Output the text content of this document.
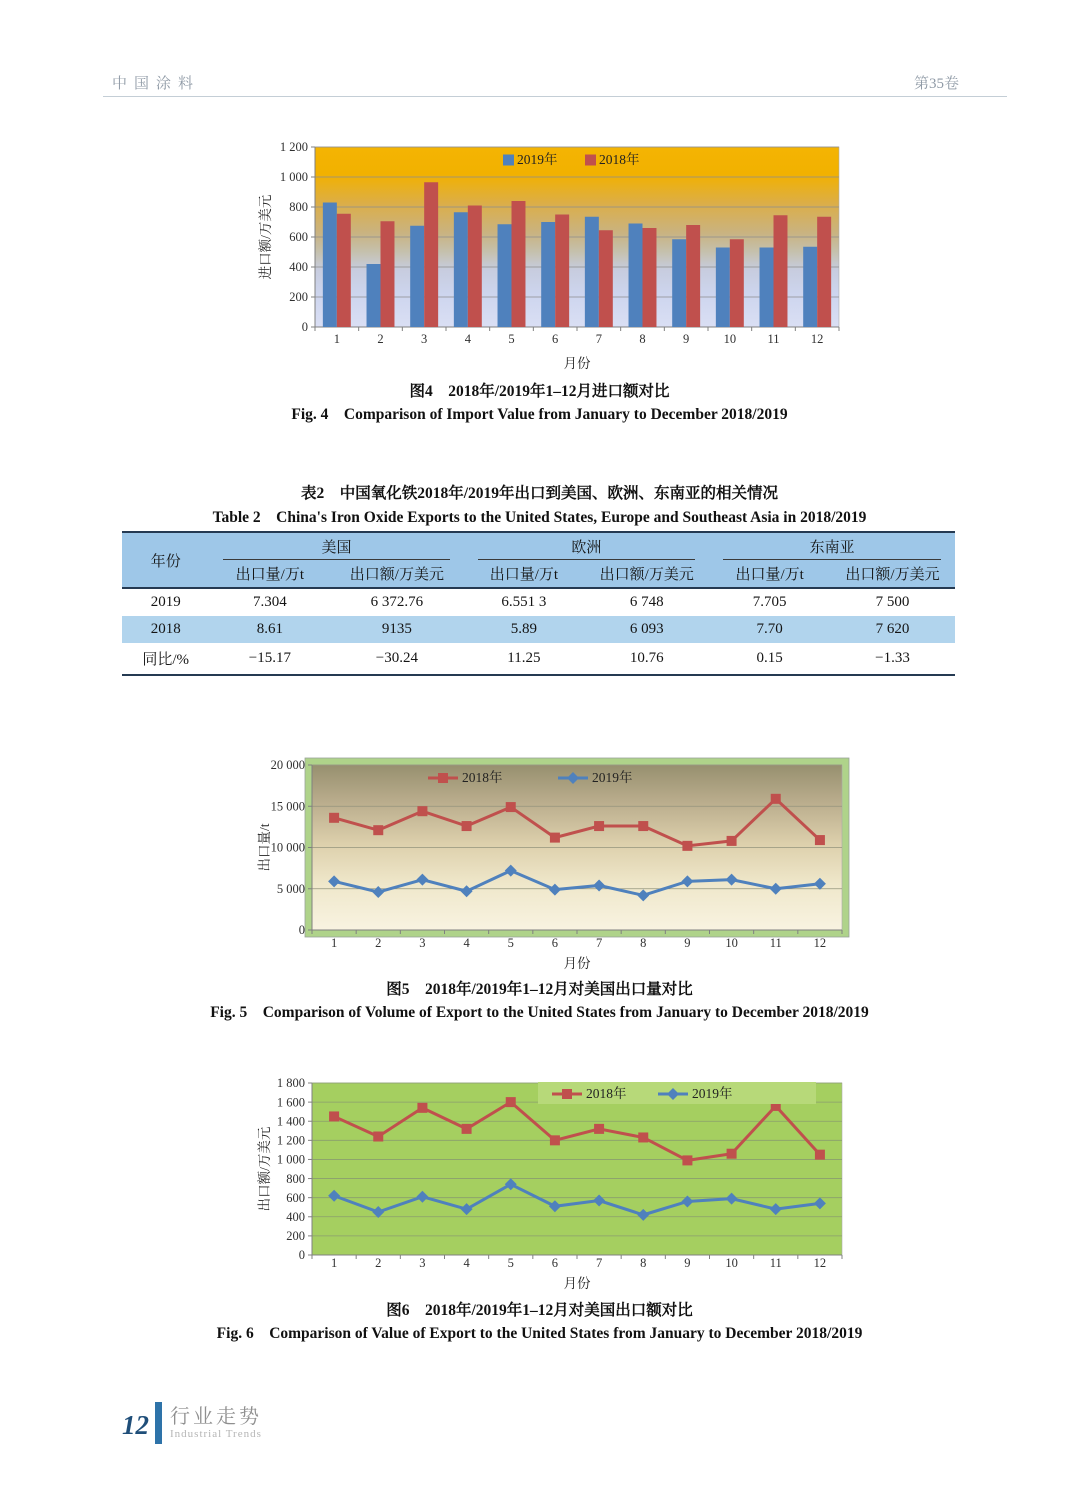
中国涂料	第35卷
0
200
400
600
800
1 000
1 200
进口额/万美元
1	2	3	4	5	6	7	8	9	10	11	12
月份
2019年	2018年

图4　2018年/2019年1–12月进口额对比

Fig. 4　Comparison of Import Value from January to December 2018/2019

表2　中国氧化铁2018年/2019年出口到美国、欧洲、东南亚的相关情况
Table 2　China's Iron Oxide Exports to the United States, Europe and Southeast Asia in 2018/2019
年份	美国		欧洲		东南亚	
	出口量/万t	出口额/万美元	出口量/万t	出口额/万美元	出口量/万t	出口额/万美元
2019	7.304	6 372.76	6.551 3	6 748	7.705	7 500
2018	8.61	9135	5.89	6 093	7.70	7 620
同比/%	−15.17	−30.24	11.25	10.76	0.15	−1.33
0
5 000
10 000
15 000
20 000
出口量/t
1	2	3	4	5	6	7	8	9	10	11	12
月份
2018年	2019年

图5　2018年/2019年1–12月对美国出口量对比

Fig. 5　Comparison of Volume of Export to the United States from January to December 2018/2019

0
200
400
600
800
1 000
1 200
1 400
1 600
1 800
出口额/万美元
1	2	3	4	5	6	7	8	9	10	11	12
月份
2018年	2019年

图6　2018年/2019年1–12月对美国出口额对比

Fig. 6　Comparison of Value of Export to the United States from January to December 2018/2019

12 行业走势
Industrial Trends
